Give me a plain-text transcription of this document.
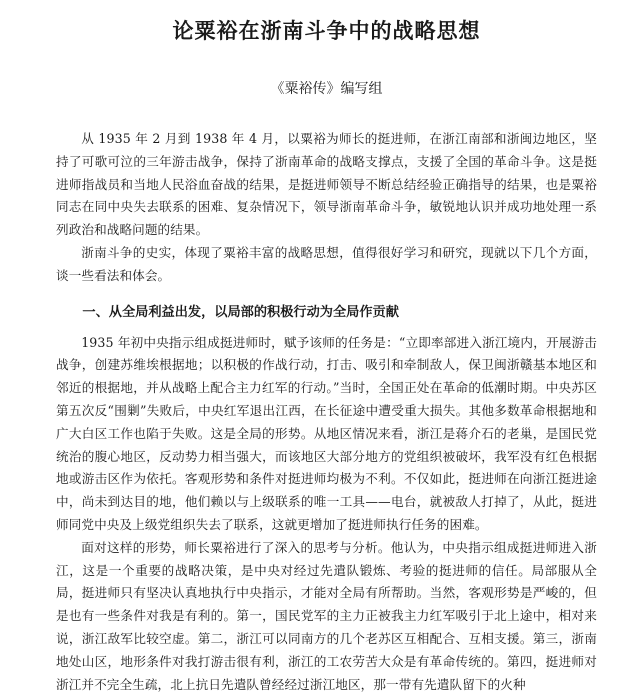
论粟裕在浙南斗争中的战略思想
《粟裕传》编写组

从 1935 年 2 月到 1938 年 4 月，以粟裕为师长的挺进师，在浙江南部和浙闽边地区，坚持了可歌可泣的三年游击战争，保持了浙南革命的战略支撑点，支援了全国的革命斗争。这是挺进师指战员和当地人民浴血奋战的结果，是挺进师领导不断总结经验正确指导的结果，也是粟裕同志在同中央失去联系的困难、复杂情况下，领导浙南革命斗争，敏锐地认识并成功地处理一系列政治和战略问题的结果。

浙南斗争的史实，体现了粟裕丰富的战略思想，值得很好学习和研究，现就以下几个方面，谈一些看法和体会。

一、从全局利益出发，以局部的积极行动为全局作贡献

1935 年初中央指示组成挺进师时，赋予该师的任务是：“立即率部进入浙江境内，开展游击战争，创建苏维埃根据地；以积极的作战行动，打击、吸引和牵制敌人，保卫闽浙赣基本地区和邻近的根据地，并从战略上配合主力红军的行动。”当时，全国正处在革命的低潮时期。中央苏区第五次反“围剿”失败后，中央红军退出江西，在长征途中遭受重大损失。其他多数革命根据地和广大白区工作也陷于失败。这是全局的形势。从地区情况来看，浙江是蒋介石的老巢，是国民党统治的腹心地区，反动势力相当强大，而该地区大部分地方的党组织被破坏，我军没有红色根据地或游击区作为依托。客观形势和条件对挺进师均极为不利。不仅如此，挺进师在向浙江挺进途中，尚未到达目的地，他们赖以与上级联系的唯一工具——电台，就被敌人打掉了，从此，挺进师同党中央及上级党组织失去了联系，这就更增加了挺进师执行任务的困难。

面对这样的形势，师长粟裕进行了深入的思考与分析。他认为，中央指示组成挺进师进入浙江，这是一个重要的战略决策，是中央对经过先遣队锻炼、考验的挺进师的信任。局部服从全局，挺进师只有坚决认真地执行中央指示，才能对全局有所帮助。当然，客观形势是严峻的，但是也有一些条件对我是有利的。第一，国民党军的主力正被我主力红军吸引于北上途中，相对来说，浙江敌军比较空虚。第二，浙江可以同南方的几个老苏区互相配合、互相支援。第三，浙南地处山区，地形条件对我打游击很有利，浙江的工农劳苦大众是有革命传统的。第四，挺进师对浙江并不完全生疏，北上抗日先遣队曾经经过浙江地区，那一带有先遣队留下的火种
